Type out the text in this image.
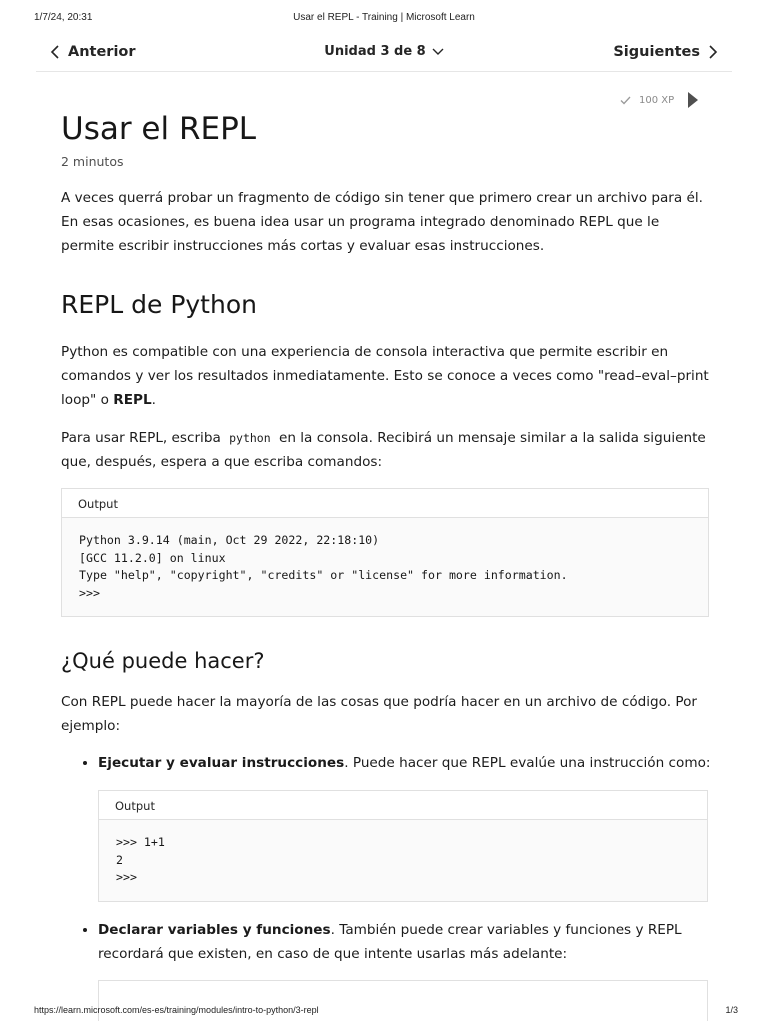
1/7/24, 20:31	Usar el REPL - Training | Microsoft Learn
Anterior	Unidad 3 de 8	Siguientes
100 XP
Usar el REPL
2 minutos

A veces querrá probar un fragmento de código sin tener que primero crear un archivo para él. En esas ocasiones, es buena idea usar un programa integrado denominado REPL que le permite escribir instrucciones más cortas y evaluar esas instrucciones.

REPL de Python

Python es compatible con una experiencia de consola interactiva que permite escribir en comandos y ver los resultados inmediatamente. Esto se conoce a veces como "read–eval–print loop" o REPL.

Para usar REPL, escriba python en la consola. Recibirá un mensaje similar a la salida siguiente que, después, espera a que escriba comandos:

Output
Python 3.9.14 (main, Oct 29 2022, 22:18:10)
[GCC 11.2.0] on linux
Type "help", "copyright", "credits" or "license" for more information.
>>>
¿Qué puede hacer?

Con REPL puede hacer la mayoría de las cosas que podría hacer en un archivo de código. Por ejemplo:

• Ejecutar y evaluar instrucciones. Puede hacer que REPL evalúe una instrucción como:
Output
>>> 1+1
2
>>>
• Declarar variables y funciones. También puede crear variables y funciones y REPL recordará que existen, en caso de que intente usarlas más adelante:
https://learn.microsoft.com/es-es/training/modules/intro-to-python/3-repl	1/3
